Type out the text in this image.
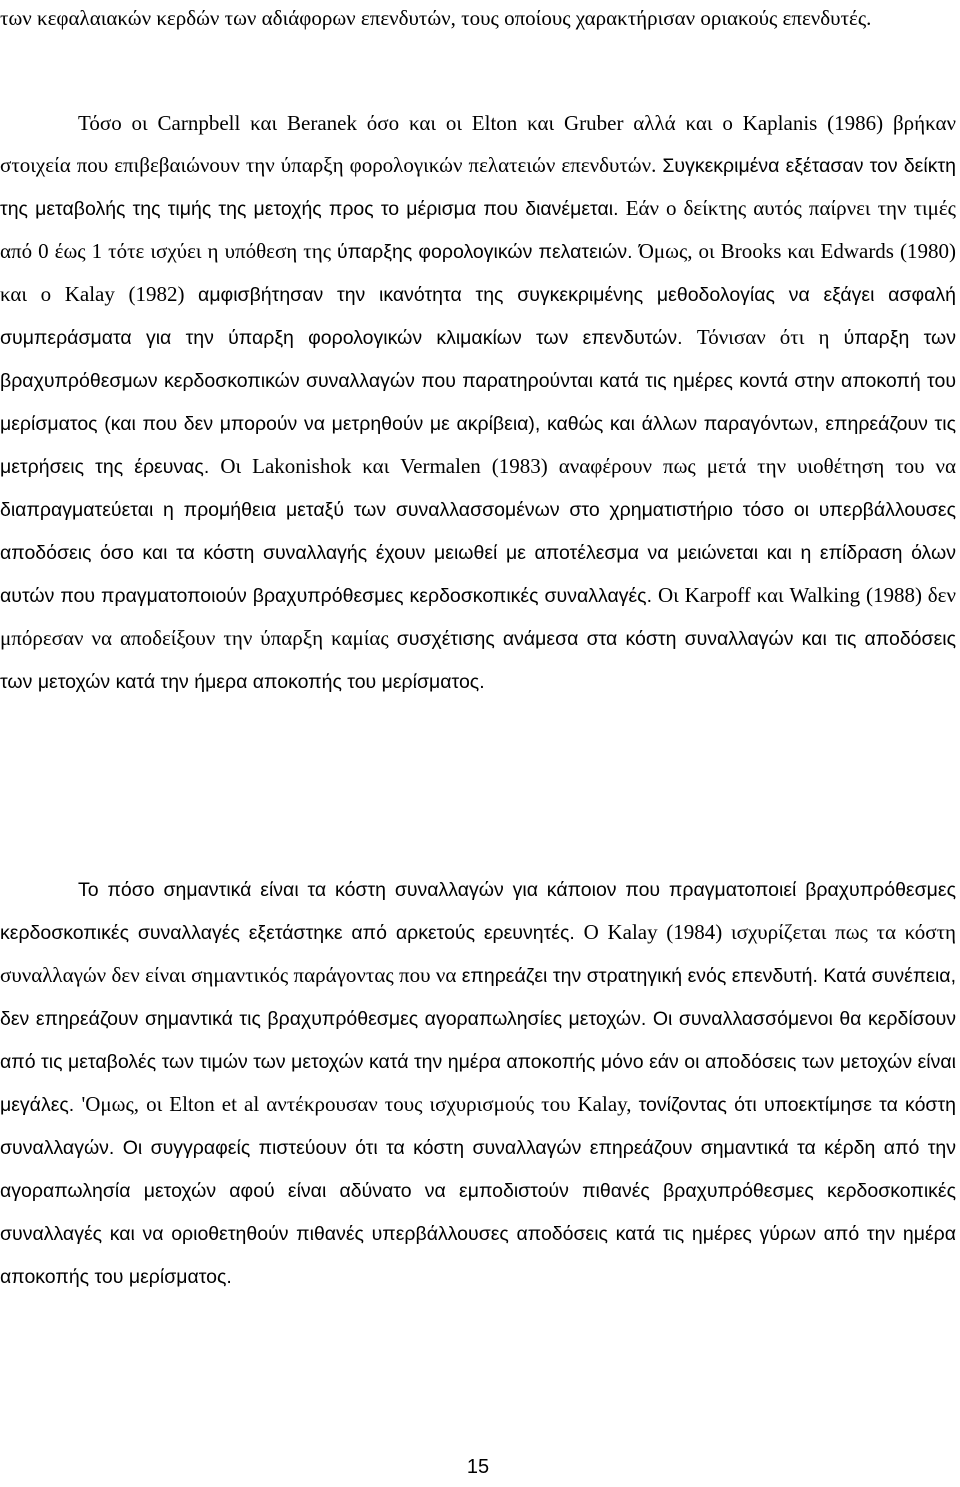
των κεφαλαιακών κερδών των αδιάφορων επενδυτών, τους οποίους χαρακτήρισαν οριακούς επενδυτές.

Τόσο οι Carnpbell και Beranek όσο και οι Elton και Gruber αλλά και ο Kaplanis (1986) βρήκαν στοιχεία που επιβεβαιώνουν την ύπαρξη φορολογικών πελατειών επενδυτών. Συγκεκριμένα εξέτασαν τον δείκτη της μεταβολής της τιμής της μετοχής προς το μέρισμα που διανέμεται. Εάν ο δείκτης αυτός παίρνει την τιμές από 0 έως 1 τότε ισχύει η υπόθεση της ύπαρξης φορολογικών πελατειών. Όμως, οι Brooks και Edwards (1980) και ο Kalay (1982) αμφισβήτησαν την ικανότητα της συγκεκριμένης μεθοδολογίας να εξάγει ασφαλή συμπεράσματα για την ύπαρξη φορολογικών κλιμακίων των επενδυτών. Τόνισαν ότι η ύπαρξη των βραχυπρόθεσμων κερδοσκοπικών συναλλαγών που παρατηρούνται κατά τις ημέρες κοντά στην αποκοπή του μερίσματος (και που δεν μπορούν να μετρηθούν με ακρίβεια), καθώς και άλλων παραγόντων, επηρεάζουν τις μετρήσεις της έρευνας. Οι Lakonishok και Vermalen (1983) αναφέρουν πως μετά την υιοθέτηση του να διαπραγματεύεται η προμήθεια μεταξύ των συναλλασσομένων στο χρηματιστήριο τόσο οι υπερβάλλουσες αποδόσεις όσο και τα κόστη συναλλαγής έχουν μειωθεί με αποτέλεσμα να μειώνεται και η επίδραση όλων αυτών που πραγματοποιούν βραχυπρόθεσμες κερδοσκοπικές συναλλαγές. Οι Karpoff και Walking (1988) δεν μπόρεσαν να αποδείξουν την ύπαρξη καμίας συσχέτισης ανάμεσα στα κόστη συναλλαγών και τις αποδόσεις των μετοχών κατά την ήμερα αποκοπής του μερίσματος.

Το πόσο σημαντικά είναι τα κόστη συναλλαγών για κάποιον που πραγματοποιεί βραχυπρόθεσμες κερδοσκοπικές συναλλαγές εξετάστηκε από αρκετούς ερευνητές. Ο Kalay (1984) ισχυρίζεται πως τα κόστη συναλλαγών δεν είναι σημαντικός παράγοντας που να επηρεάζει την στρατηγική ενός επενδυτή. Κατά συνέπεια, δεν επηρεάζουν σημαντικά τις βραχυπρόθεσμες αγοραπωλησίες μετοχών. Οι συναλλασσόμενοι θα κερδίσουν από τις μεταβολές των τιμών των μετοχών κατά την ημέρα αποκοπής μόνο εάν οι αποδόσεις των μετοχών είναι μεγάλες. 'Ομως, οι Elton et al αντέκρουσαν τους ισχυρισμούς του Kalay, τονίζοντας ότι υποεκτίμησε τα κόστη συναλλαγών. Οι συγγραφείς πιστεύουν ότι τα κόστη συναλλαγών επηρεάζουν σημαντικά τα κέρδη από την αγοραπωλησία μετοχών αφού είναι αδύνατο να εμποδιστούν πιθανές βραχυπρόθεσμες κερδοσκοπικές συναλλαγές και να οριοθετηθούν πιθανές υπερβάλλουσες αποδόσεις κατά τις ημέρες γύρων από την ημέρα αποκοπής του μερίσματος.

15
